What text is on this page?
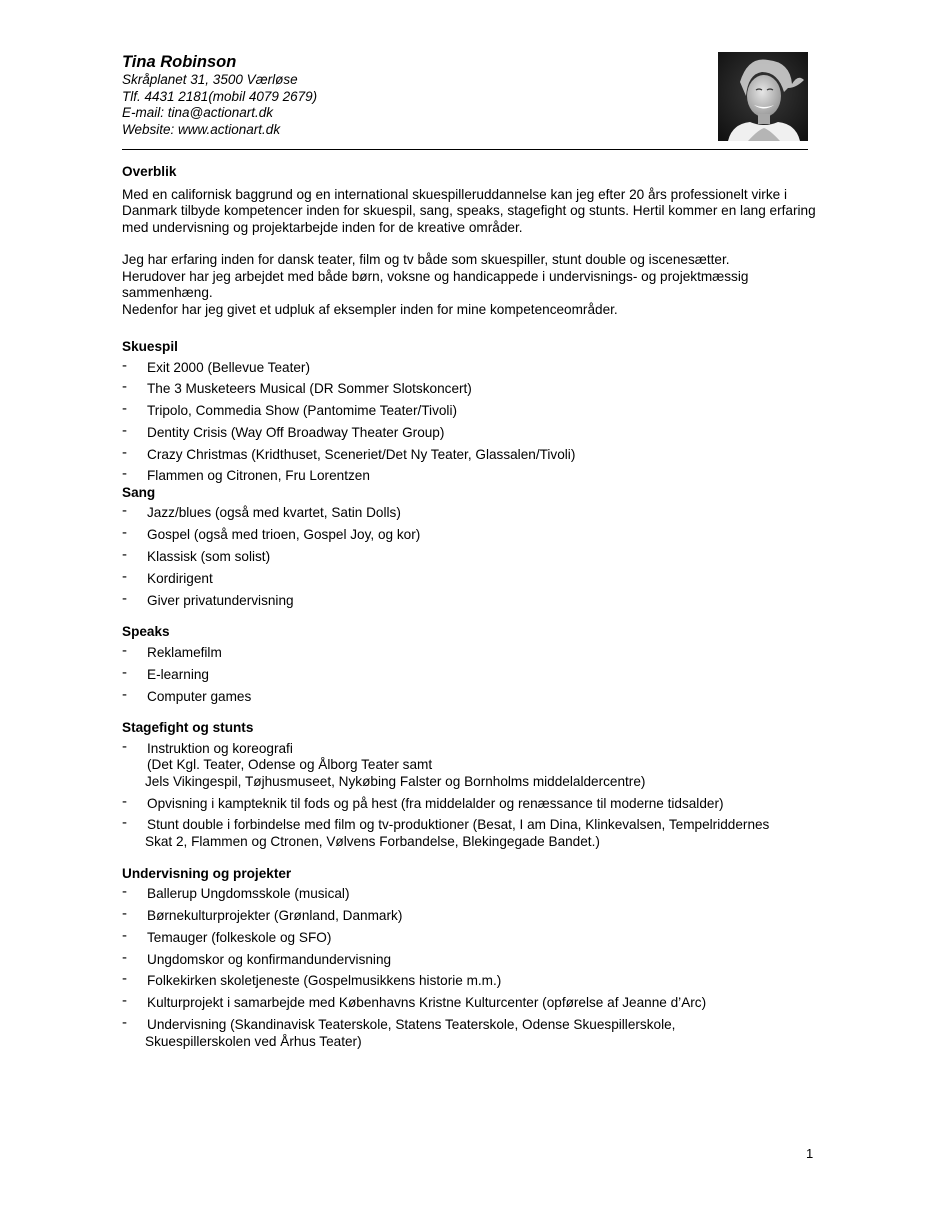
Tina Robinson
Skråplanet 31, 3500 Værløse
Tlf. 4431 2181(mobil 4079 2679)
E-mail: tina@actionart.dk
Website: www.actionart.dk
Overblik

Med en californisk baggrund og en international skuespilleruddannelse kan jeg efter 20 års professionelt virke i Danmark tilbyde kompetencer inden for skuespil, sang, speaks, stagefight og stunts. Hertil kommer en lang erfaring med undervisning og projektarbejde inden for de kreative områder.

Jeg har erfaring inden for dansk teater, film og tv både som skuespiller, stunt double og iscenesætter.
Herudover har jeg arbejdet med både børn, voksne og handicappede i undervisnings- og projektmæssig sammenhæng.
Nedenfor har jeg givet et udpluk af eksempler inden for mine kompetenceområder.
Skuespil
- Exit 2000 (Bellevue Teater)
- The 3 Musketeers Musical (DR Sommer Slotskoncert)
- Tripolo, Commedia Show (Pantomime Teater/Tivoli)
- Dentity Crisis (Way Off Broadway Theater Group)
- Crazy Christmas (Kridthuset, Sceneriet/Det Ny Teater, Glassalen/Tivoli)
- Flammen og Citronen, Fru Lorentzen
Sang
- Jazz/blues (også med kvartet, Satin Dolls)
- Gospel (også med trioen, Gospel Joy, og kor)
- Klassisk (som solist)
- Kordirigent
- Giver privatundervisning
Speaks
- Reklamefilm
- E-learning
- Computer games
Stagefight og stunts
- Instruktion og koreografi
(Det Kgl. Teater, Odense og Ålborg Teater samt
Jels Vikingespil, Tøjhusmuseet, Nykøbing Falster og Bornholms middelaldercentre)
- Opvisning i kampteknik til fods og på hest (fra middelalder og renæssance til moderne tidsalder)
- Stunt double i forbindelse med film og tv-produktioner (Besat, I am Dina, Klinkevalsen, Tempelriddernes
Skat 2, Flammen og Ctronen, Vølvens Forbandelse, Blekingegade Bandet.)
Undervisning og projekter
- Ballerup Ungdomsskole (musical)
- Børnekulturprojekter (Grønland, Danmark)
- Temauger (folkeskole og SFO)
- Ungdomskor og konfirmandundervisning
- Folkekirken skoletjeneste (Gospelmusikkens historie m.m.)
- Kulturprojekt i samarbejde med Københavns Kristne Kulturcenter (opførelse af Jeanne d’Arc)
- Undervisning (Skandinavisk Teaterskole, Statens Teaterskole, Odense Skuespillerskole,
Skuespillerskolen ved Århus Teater)
1
